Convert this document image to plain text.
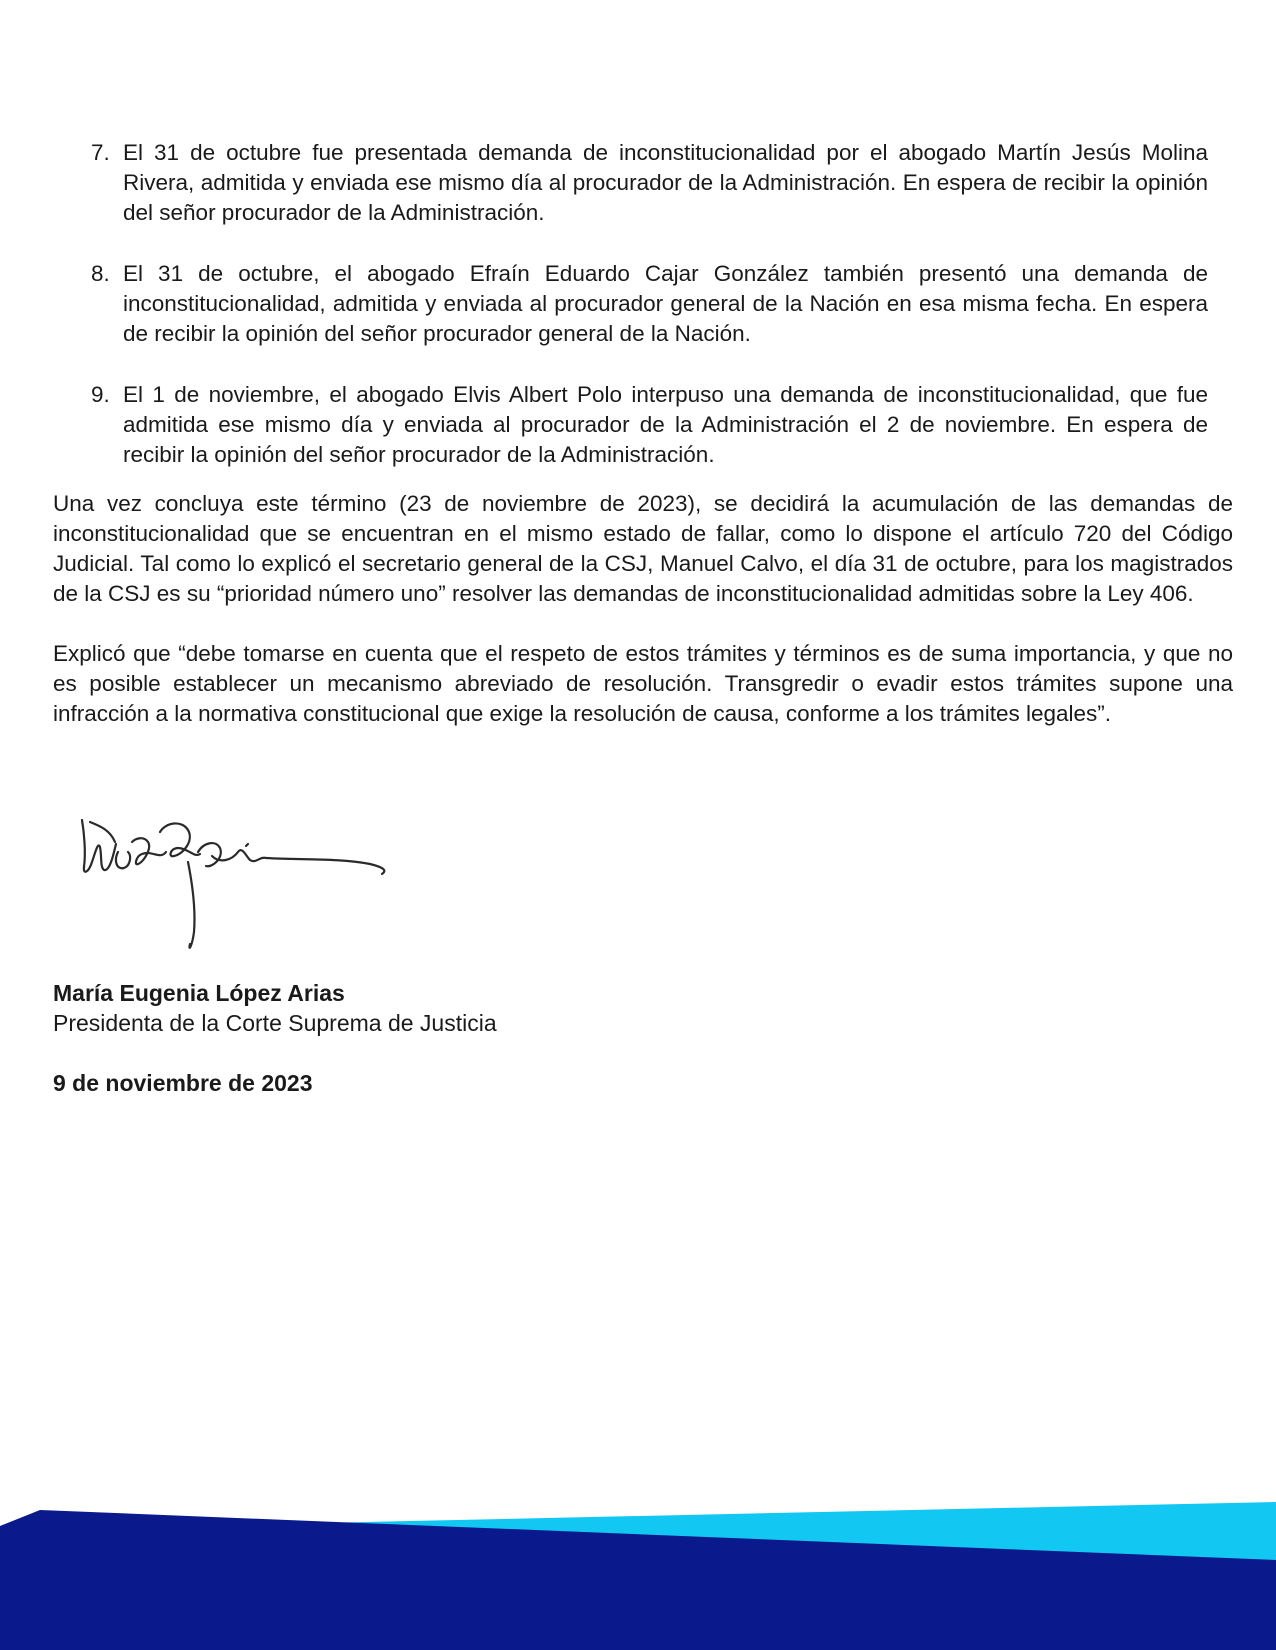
7. El 31 de octubre fue presentada demanda de inconstitucionalidad por el abogado Martín Jesús Molina Rivera, admitida y enviada ese mismo día al procurador de la Administración. En espera de recibir la opinión del señor procurador de la Administración.
8. El 31 de octubre, el abogado Efraín Eduardo Cajar González también presentó una demanda de inconstitucionalidad, admitida y enviada al procurador general de la Nación en esa misma fecha. En espera de recibir la opinión del señor procurador general de la Nación.
9. El 1 de noviembre, el abogado Elvis Albert Polo interpuso una demanda de inconstitucionalidad, que fue admitida ese mismo día y enviada al procurador de la Administración el 2 de noviembre. En espera de recibir la opinión del señor procurador de la Administración.

Una vez concluya este término (23 de noviembre de 2023), se decidirá la acumulación de las demandas de inconstitucionalidad que se encuentran en el mismo estado de fallar, como lo dispone el artículo 720 del Código Judicial. Tal como lo explicó el secretario general de la CSJ, Manuel Calvo, el día 31 de octubre, para los magistrados de la CSJ es su “prioridad número uno” resolver las demandas de inconstitucionalidad admitidas sobre la Ley 406.

Explicó que “debe tomarse en cuenta que el respeto de estos trámites y términos es de suma importancia, y que no es posible establecer un mecanismo abreviado de resolución. Transgredir o evadir estos trámites supone una infracción a la normativa constitucional que exige la resolución de causa, conforme a los trámites legales”.

María Eugenia López Arias
Presidenta de la Corte Suprema de Justicia
9 de noviembre de 2023
